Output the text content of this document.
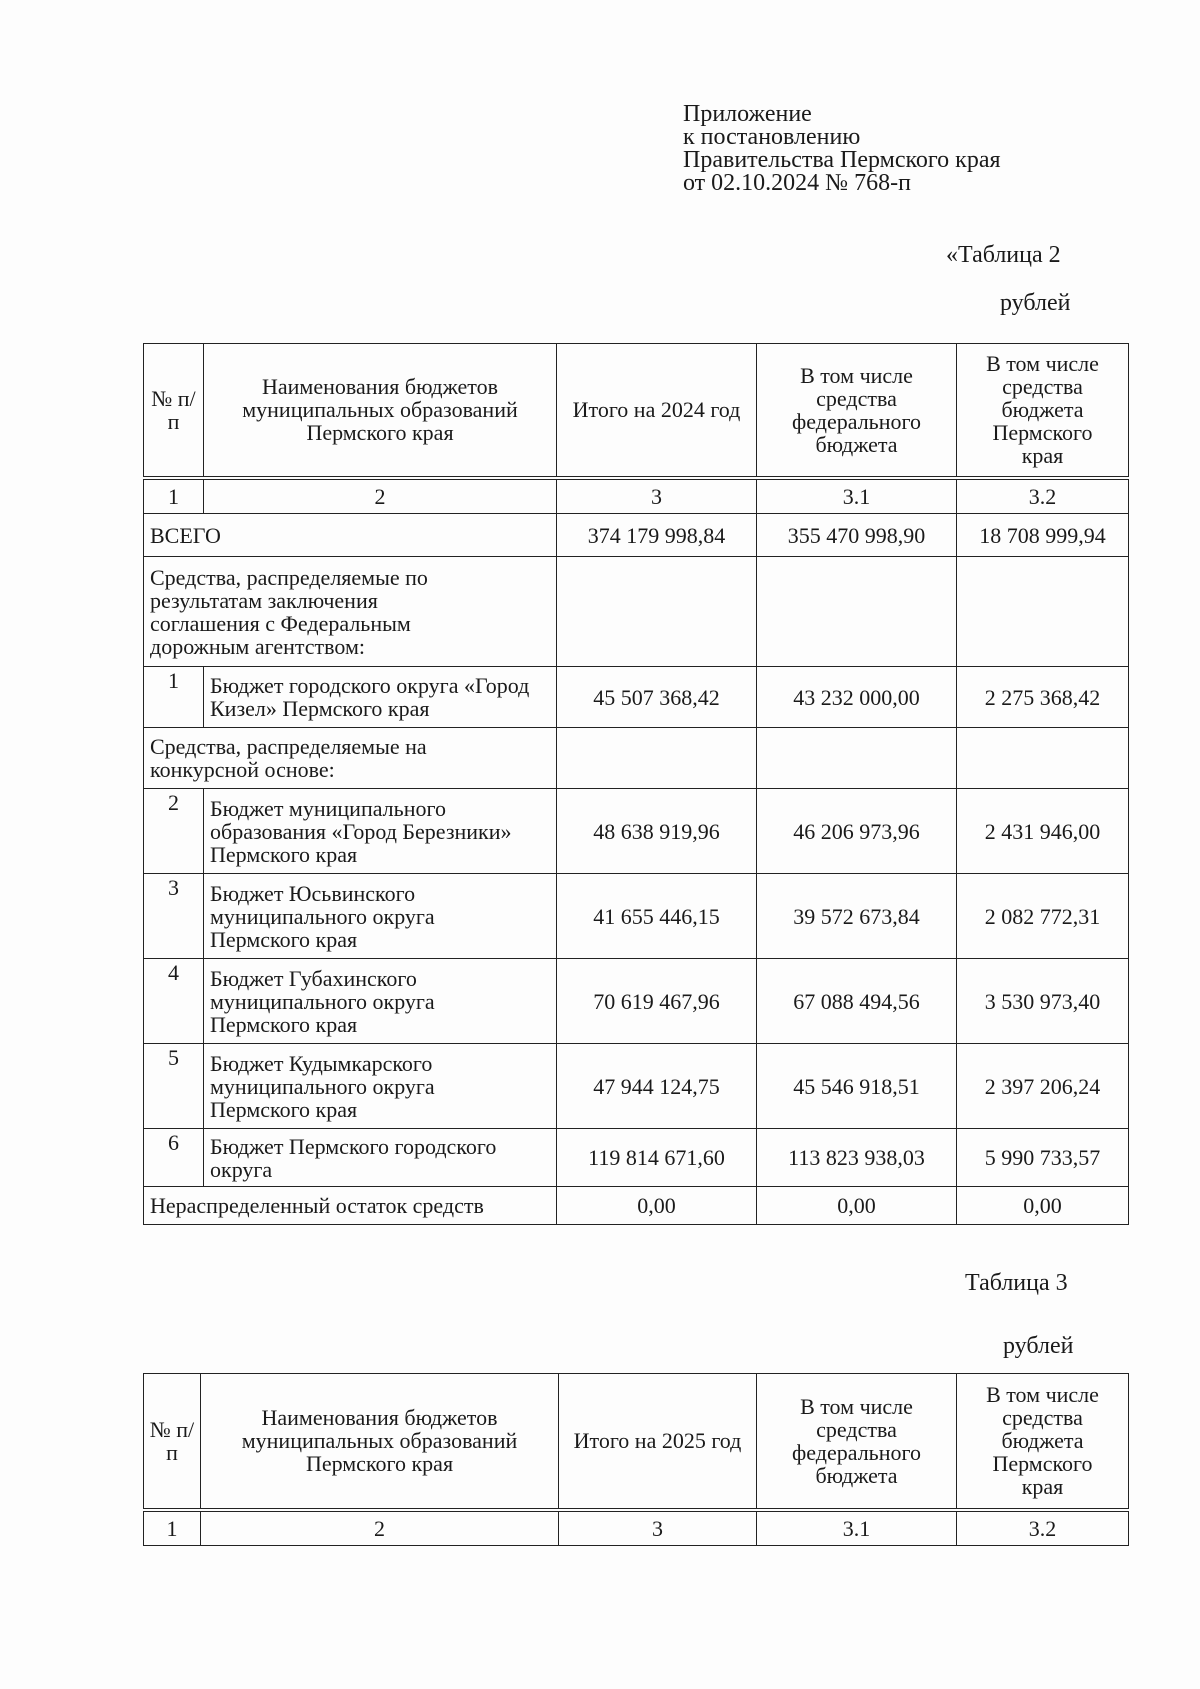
Приложение
к постановлению
Правительства Пермского края
от 02.10.2024 № 768-п
«Таблица 2
рублей
№ п/п	Наименования бюджетов муниципальных образований Пермского края	Итого на 2024 год	В том числе средства федерального бюджета	В том числе средства бюджета Пермского края
1	2	3	3.1	3.2
ВСЕГО		374 179 998,84	355 470 998,90	18 708 999,94
Средства, распределяемые по результатам заключения соглашения с Федеральным дорожным агентством:				
1	Бюджет городского округа «Город Кизел» Пермского края	45 507 368,42	43 232 000,00	2 275 368,42
Средства, распределяемые на конкурсной основе:				
2	Бюджет муниципального образования «Город Березники» Пермского края	48 638 919,96	46 206 973,96	2 431 946,00
3	Бюджет Юсьвинского муниципального округа Пермского края	41 655 446,15	39 572 673,84	2 082 772,31
4	Бюджет Губахинского муниципального округа Пермского края	70 619 467,96	67 088 494,56	3 530 973,40
5	Бюджет Кудымкарского муниципального округа Пермского края	47 944 124,75	45 546 918,51	2 397 206,24
6	Бюджет Пермского городского округа	119 814 671,60	113 823 938,03	5 990 733,57
Нераспределенный остаток средств		0,00	0,00	0,00
Таблица 3
рублей
№ п/п	Наименования бюджетов муниципальных образований Пермского края	Итого на 2025 год	В том числе средства федерального бюджета	В том числе средства бюджета Пермского края
1	2	3	3.1	3.2
